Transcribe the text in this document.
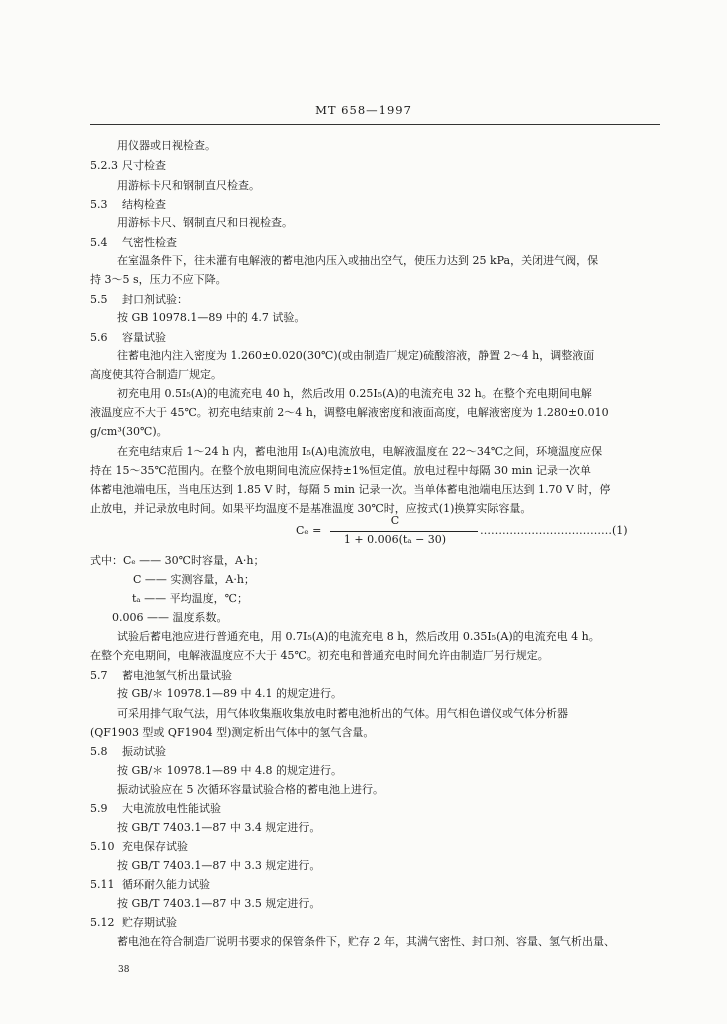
MT 658—1997
用仪器或日视检查。
5.2.3 尺寸检查
用游标卡尺和钢制直尺检查。
5.3 结构检查
用游标卡尺、钢制直尺和日视检查。
5.4 气密性检查
在室温条件下，往未灌有电解液的蓄电池内压入或抽出空气，使压力达到 25 kPa，关闭进气阀，保
持 3～5 s，压力不应下降。
5.5 封口剂试验：
按 GB 10978.1—89 中的 4.7 试验。
5.6 容量试验
往蓄电池内注入密度为 1.260±0.020(30℃)(或由制造厂规定)硫酸溶液，静置 2～4 h，调整液面
高度使其符合制造厂规定。
初充电用 0.5I₅(A)的电流充电 40 h，然后改用 0.25I₅(A)的电流充电 32 h。在整个充电期间电解
液温度应不大于 45℃。初充电结束前 2～4 h，调整电解液密度和液面高度，电解液密度为 1.280±0.010
g/cm³(30℃)。
在充电结束后 1～24 h 内，蓄电池用 I₅(A)电流放电，电解液温度在 22～34℃之间，环境温度应保
持在 15～35℃范围内。在整个放电期间电流应保持±1%恒定值。放电过程中每隔 30 min 记录一次单
体蓄电池端电压，当电压达到 1.85 V 时，每隔 5 min 记录一次。当单体蓄电池端电压达到 1.70 V 时，停
止放电，并记录放电时间。如果平均温度不是基准温度 30℃时，应按式(1)换算实际容量。
Cₑ =
C
1 + 0.006(tₐ − 30)
………………………………(1)
式中：Cₑ —— 30℃时容量，A·h；
C —— 实测容量，A·h；
tₐ —— 平均温度，℃；
0.006 —— 温度系数。
试验后蓄电池应进行普通充电，用 0.7I₅(A)的电流充电 8 h，然后改用 0.35I₅(A)的电流充电 4 h。
在整个充电期间，电解液温度应不大于 45℃。初充电和普通充电时间允许由制造厂另行规定。
5.7 蓄电池氢气析出量试验
按 GB/＊ 10978.1—89 中 4.1 的规定进行。
可采用排气取气法，用气体收集瓶收集放电时蓄电池析出的气体。用气相色谱仪或气体分析器
(QF1903 型或 QF1904 型)测定析出气体中的氢气含量。
5.8 振动试验
按 GB/＊ 10978.1—89 中 4.8 的规定进行。
振动试验应在 5 次循环容量试验合格的蓄电池上进行。
5.9 大电流放电性能试验
按 GB/T 7403.1—87 中 3.4 规定进行。
5.10 充电保存试验
按 GB/T 7403.1—87 中 3.3 规定进行。
5.11 循环耐久能力试验
按 GB/T 7403.1—87 中 3.5 规定进行。
5.12 贮存期试验
蓄电池在符合制造厂说明书要求的保管条件下，贮存 2 年，其满气密性、封口剂、容量、氢气析出量、
38
